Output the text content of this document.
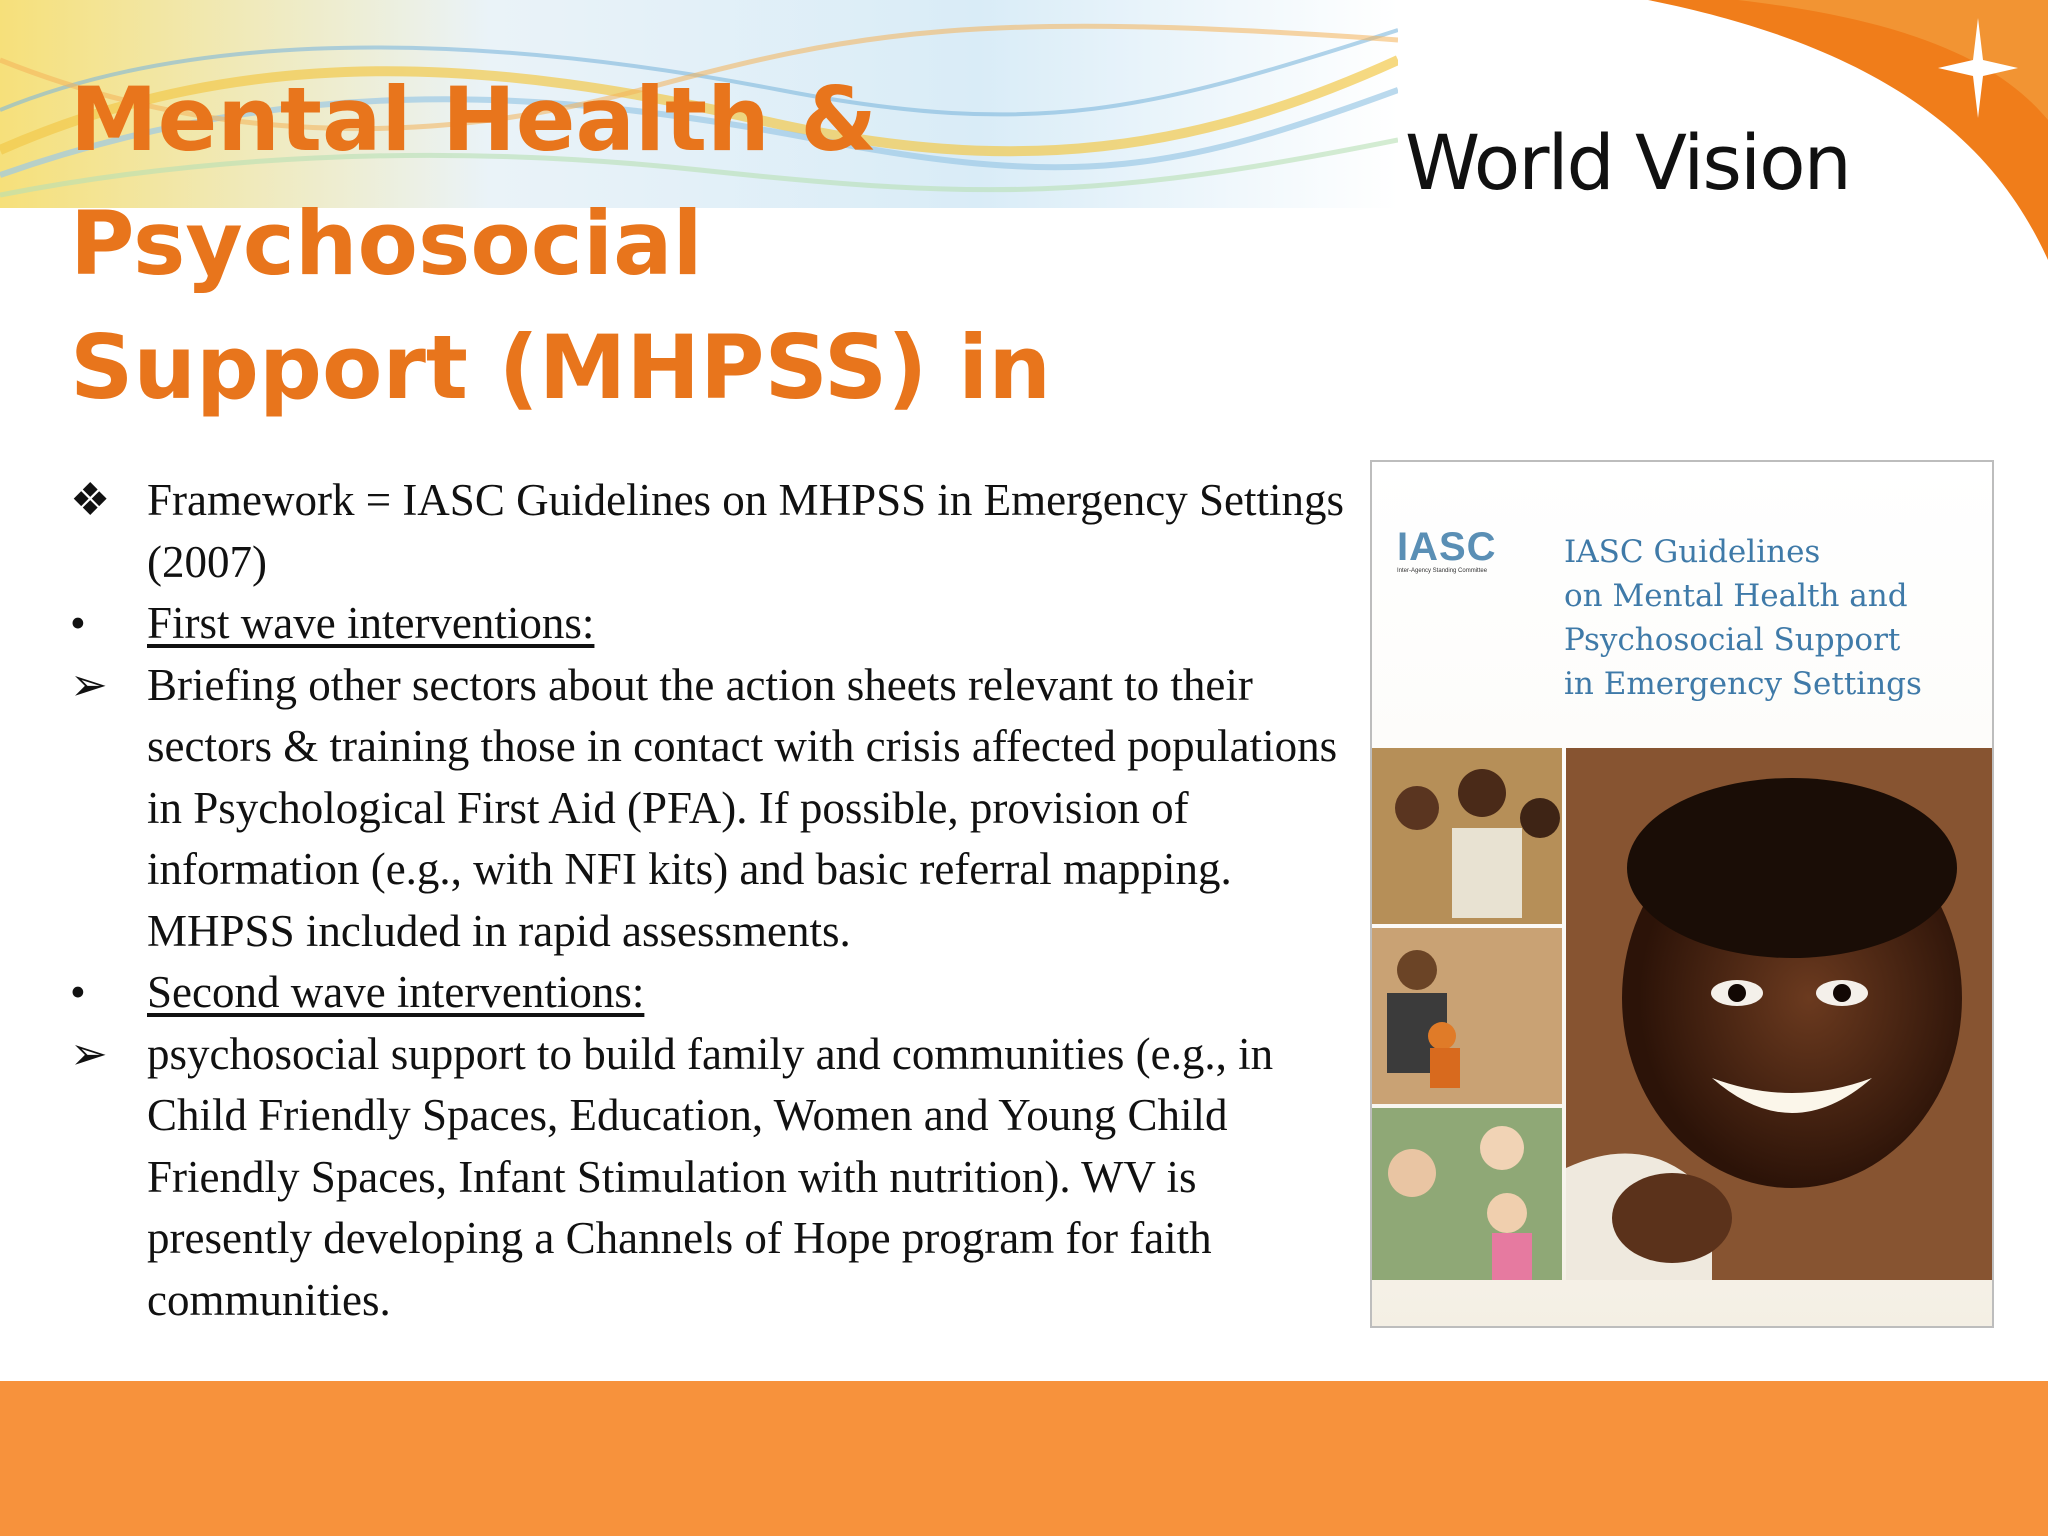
World Vision
Mental Health & Psychosocial
Support (MHPSS) in

❖ Framework = IASC Guidelines on MHPSS in Emergency Settings (2007)
•	First wave interventions:
➢ Briefing other sectors about the action sheets relevant to their sectors & training those in contact with crisis affected populations in Psychological First Aid (PFA). If possible, provision of information (e.g., with NFI kits) and basic referral mapping. MHPSS included in rapid assessments.
•	Second wave interventions:
➢ psychosocial support to build family and communities (e.g., in Child Friendly Spaces, Education, Women and Young Child Friendly Spaces, Infant Stimulation with nutrition). WV is presently developing a Channels of Hope program for faith communities.
IASC
Inter-Agency Standing Committee
IASC Guidelines
on Mental Health and
Psychosocial Support
in Emergency Settings
